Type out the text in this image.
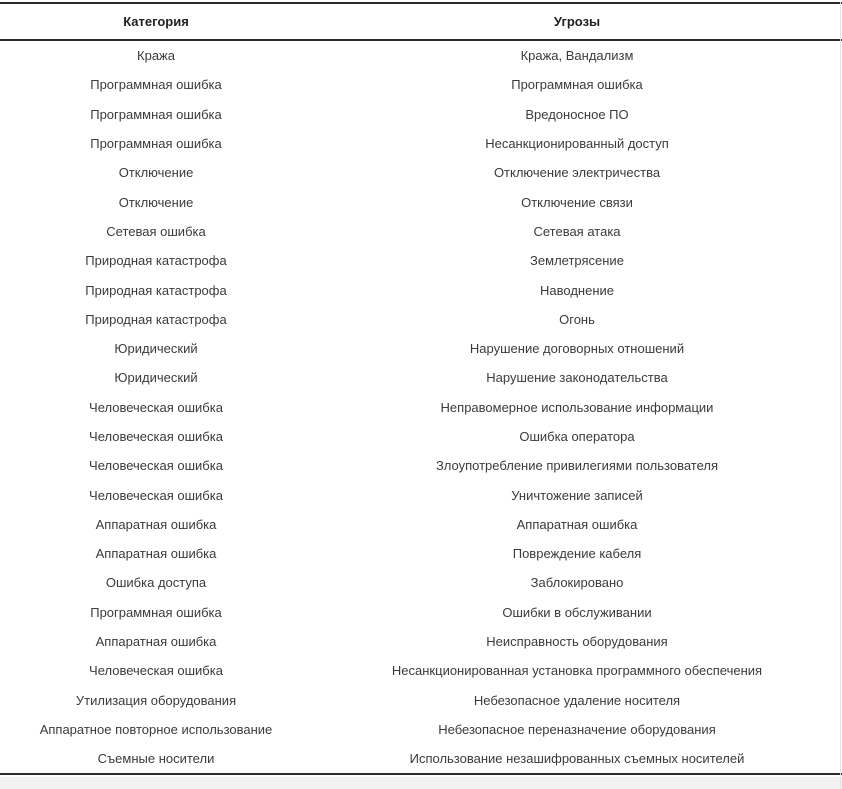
Категория	Угрозы
Кража	Кража, Вандализм
Программная ошибка	Программная ошибка
Программная ошибка	Вредоносное ПО
Программная ошибка	Несанкционированный доступ
Отключение	Отключение электричества
Отключение	Отключение связи
Сетевая ошибка	Сетевая атака
Природная катастрофа	Землетрясение
Природная катастрофа	Наводнение
Природная катастрофа	Огонь
Юридический	Нарушение договорных отношений
Юридический	Нарушение законодательства
Человеческая ошибка	Неправомерное использование информации
Человеческая ошибка	Ошибка оператора
Человеческая ошибка	Злоупотребление привилегиями пользователя
Человеческая ошибка	Уничтожение записей
Аппаратная ошибка	Аппаратная ошибка
Аппаратная ошибка	Повреждение кабеля
Ошибка доступа	Заблокировано
Программная ошибка	Ошибки в обслуживании
Аппаратная ошибка	Неисправность оборудования
Человеческая ошибка	Несанкционированная установка программного обеспечения
Утилизация оборудования	Небезопасное удаление носителя
Аппаратное повторное использование	Небезопасное переназначение оборудования
Съемные носители	Использование незашифрованных съемных носителей
